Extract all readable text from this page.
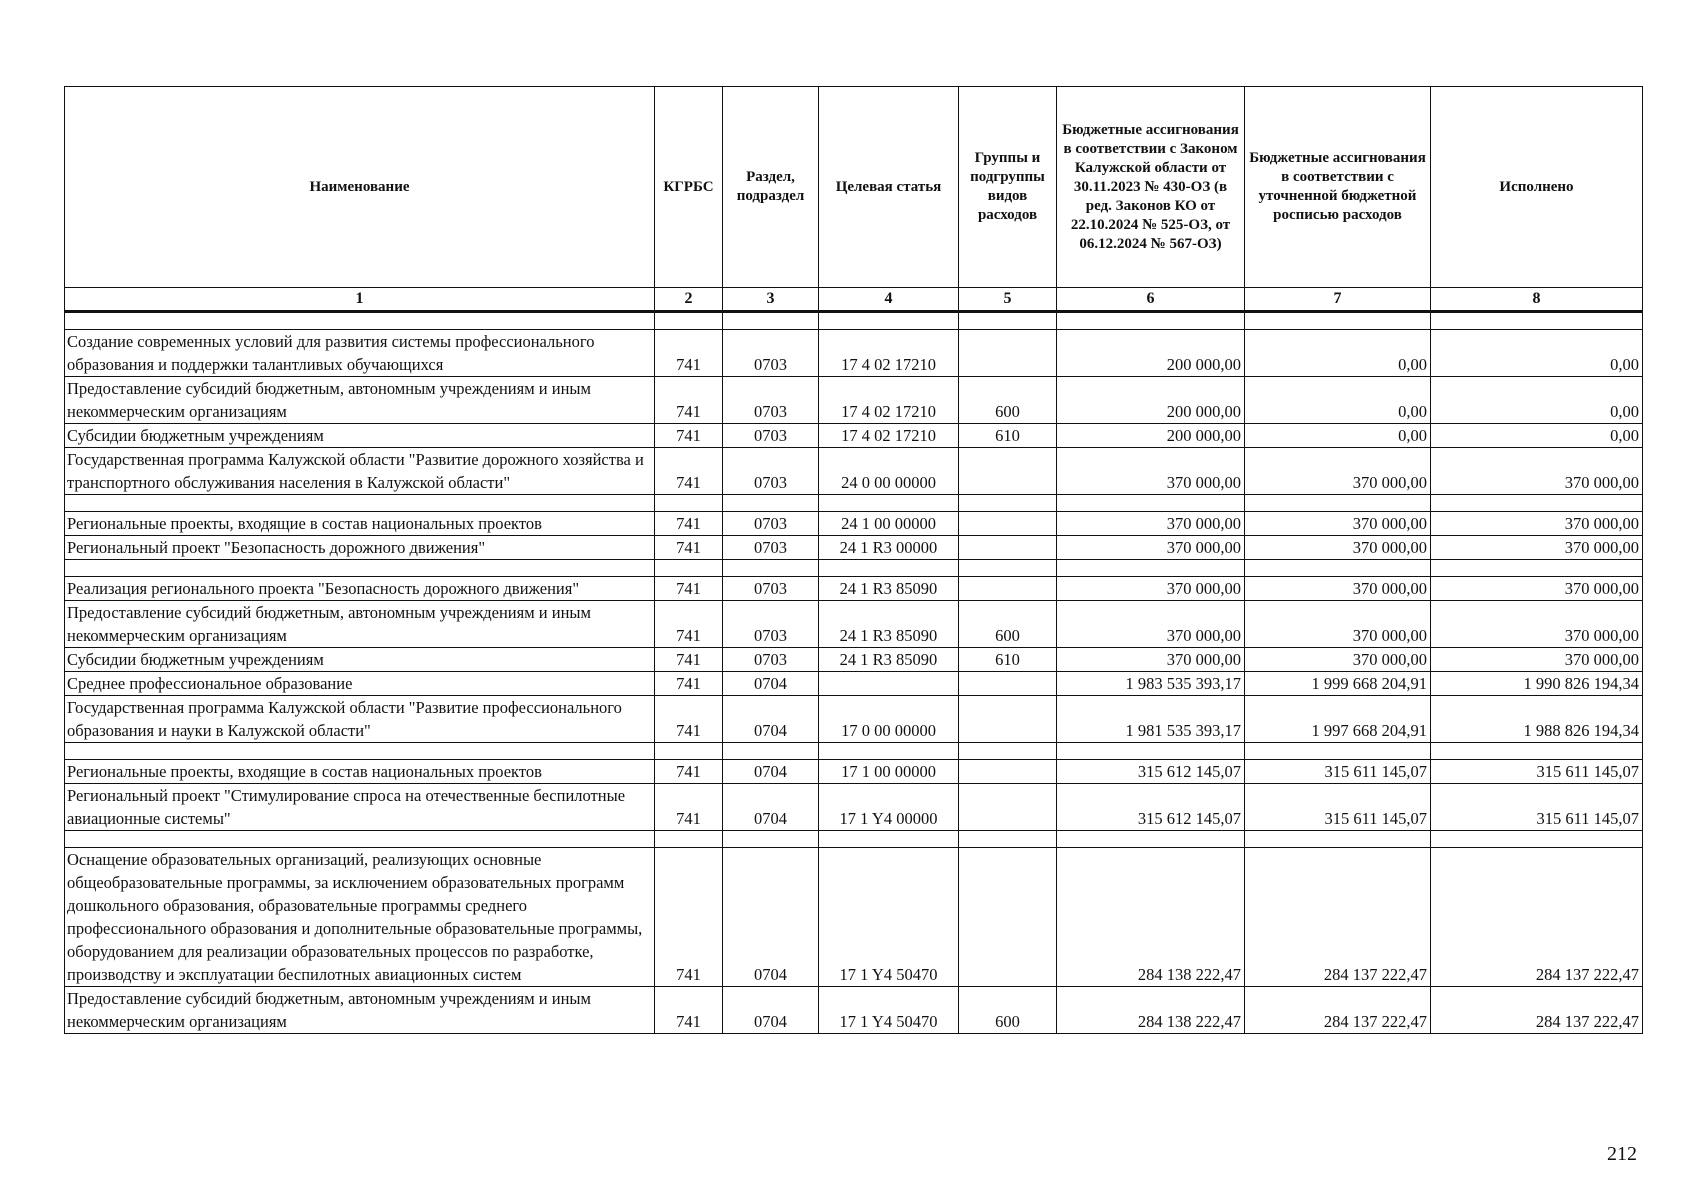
Наименование	КГРБС	Раздел, подраздел	Целевая статья	Группы и подгруппы видов расходов	Бюджетные ассигнования в соответствии с Законом Калужской области от 30.11.2023 № 430-ОЗ (в ред. Законов КО от 22.10.2024 № 525-ОЗ, от 06.12.2024 № 567-ОЗ)	Бюджетные ассигнования в соответствии с уточненной бюджетной росписью расходов	Исполнено
1	2	3	4	5	6	7	8

Создание современных условий для развития системы профессионального образования и поддержки талантливых обучающихся	741	0703	17 4 02 17210		200 000,00	0,00	0,00
Предоставление субсидий бюджетным, автономным учреждениям и иным некоммерческим организациям	741	0703	17 4 02 17210	600	200 000,00	0,00	0,00
Субсидии бюджетным учреждениям	741	0703	17 4 02 17210	610	200 000,00	0,00	0,00
Государственная программа Калужской области "Развитие дорожного хозяйства и транспортного обслуживания населения в Калужской области"	741	0703	24 0 00 00000		370 000,00	370 000,00	370 000,00

Региональные проекты, входящие в состав национальных проектов	741	0703	24 1 00 00000		370 000,00	370 000,00	370 000,00
Региональный проект "Безопасность дорожного движения"	741	0703	24 1 R3 00000		370 000,00	370 000,00	370 000,00

Реализация регионального проекта "Безопасность дорожного движения"	741	0703	24 1 R3 85090		370 000,00	370 000,00	370 000,00
Предоставление субсидий бюджетным, автономным учреждениям и иным некоммерческим организациям	741	0703	24 1 R3 85090	600	370 000,00	370 000,00	370 000,00
Субсидии бюджетным учреждениям	741	0703	24 1 R3 85090	610	370 000,00	370 000,00	370 000,00
Среднее профессиональное образование	741	0704			1 983 535 393,17	1 999 668 204,91	1 990 826 194,34
Государственная программа Калужской области "Развитие профессионального образования и науки в Калужской области"	741	0704	17 0 00 00000		1 981 535 393,17	1 997 668 204,91	1 988 826 194,34

Региональные проекты, входящие в состав национальных проектов	741	0704	17 1 00 00000		315 612 145,07	315 611 145,07	315 611 145,07
Региональный проект "Стимулирование спроса на отечественные беспилотные авиационные системы"	741	0704	17 1 Y4 00000		315 612 145,07	315 611 145,07	315 611 145,07

Оснащение образовательных организаций, реализующих основные общеобразовательные программы, за исключением образовательных программ дошкольного образования, образовательные программы среднего профессионального образования и дополнительные образовательные программы, оборудованием для реализации образовательных процессов по разработке, производству и эксплуатации беспилотных авиационных систем	741	0704	17 1 Y4 50470		284 138 222,47	284 137 222,47	284 137 222,47
Предоставление субсидий бюджетным, автономным учреждениям и иным некоммерческим организациям	741	0704	17 1 Y4 50470	600	284 138 222,47	284 137 222,47	284 137 222,47
212
